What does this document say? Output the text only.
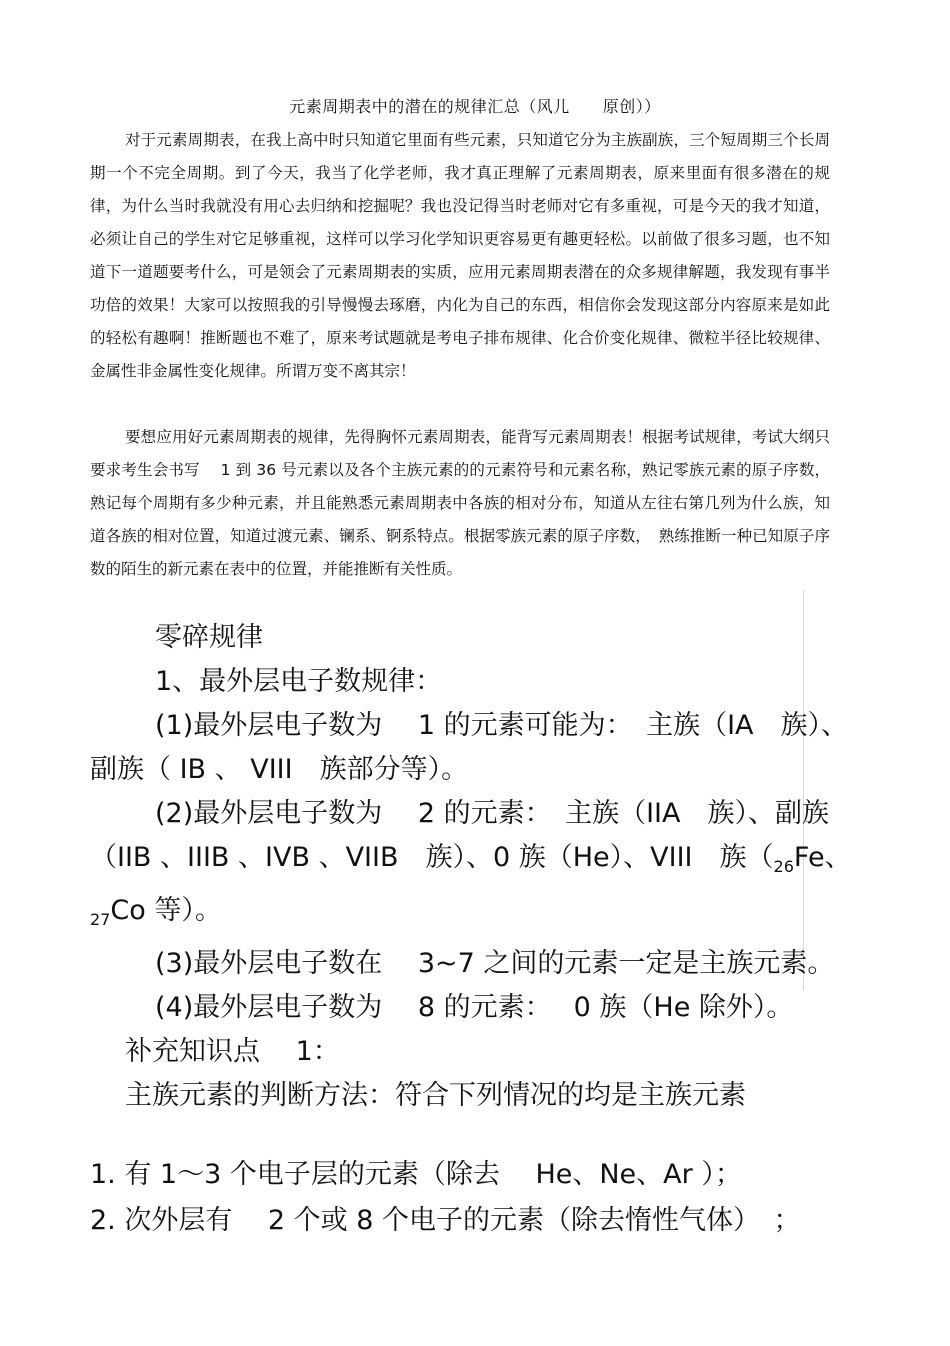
元素周期表中的潜在的规律汇总（风儿　　原创））

对于元素周期表，在我上高中时只知道它里面有些元素，只知道它分为主族副族，三个短周期三个长周期一个不完全周期。到了今天，我当了化学老师，我才真正理解了元素周期表，原来里面有很多潜在的规律，为什么当时我就没有用心去归纳和挖掘呢？我也没记得当时老师对它有多重视，可是今天的我才知道，必须让自己的学生对它足够重视，这样可以学习化学知识更容易更有趣更轻松。以前做了很多习题，也不知道下一道题要考什么，可是领会了元素周期表的实质，应用元素周期表潜在的众多规律解题，我发现有事半功倍的效果！大家可以按照我的引导慢慢去琢磨，内化为自己的东西，相信你会发现这部分内容原来是如此的轻松有趣啊！推断题也不难了，原来考试题就是考电子排布规律、化合价变化规律、微粒半径比较规律、金属性非金属性变化规律。所谓万变不离其宗！

要想应用好元素周期表的规律，先得胸怀元素周期表，能背写元素周期表！根据考试规律，考试大纲只要求考生会书写　 1 到 36 号元素以及各个主族元素的的元素符号和元素名称，熟记零族元素的原子序数，熟记每个周期有多少种元素，并且能熟悉元素周期表中各族的相对分布，知道从左往右第几列为什么族，知道各族的相对位置，知道过渡元素、镧系、锕系特点。根据零族元素的原子序数，　熟练推断一种已知原子序数的陌生的新元素在表中的位置，并能推断有关性质。

零碎规律

1、最外层电子数规律：

(1)最外层电子数为　 1 的元素可能为：　主族（IA　族）、副族（ IB 、 VIII　族部分等）。

(2)最外层电子数为　 2 的元素：　主族（IIA　族）、副族（IIB 、IIIB 、IVB 、VIIB　族）、0 族（He）、VIII　族（$_{26}Fe$、$_{27}$Co 等）。

(3)最外层电子数在　 3~7 之间的元素一定是主族元素。

(4)最外层电子数为　 8 的元素：　 0 族（He 除外）。

补充知识点　 1：

主族元素的判断方法：符合下列情况的均是主族元素

1. 有 1～3 个电子层的元素（除去　 He、Ne、Ar ）；

2. 次外层有　 2 个或 8 个电子的元素（除去惰性气体）　；
